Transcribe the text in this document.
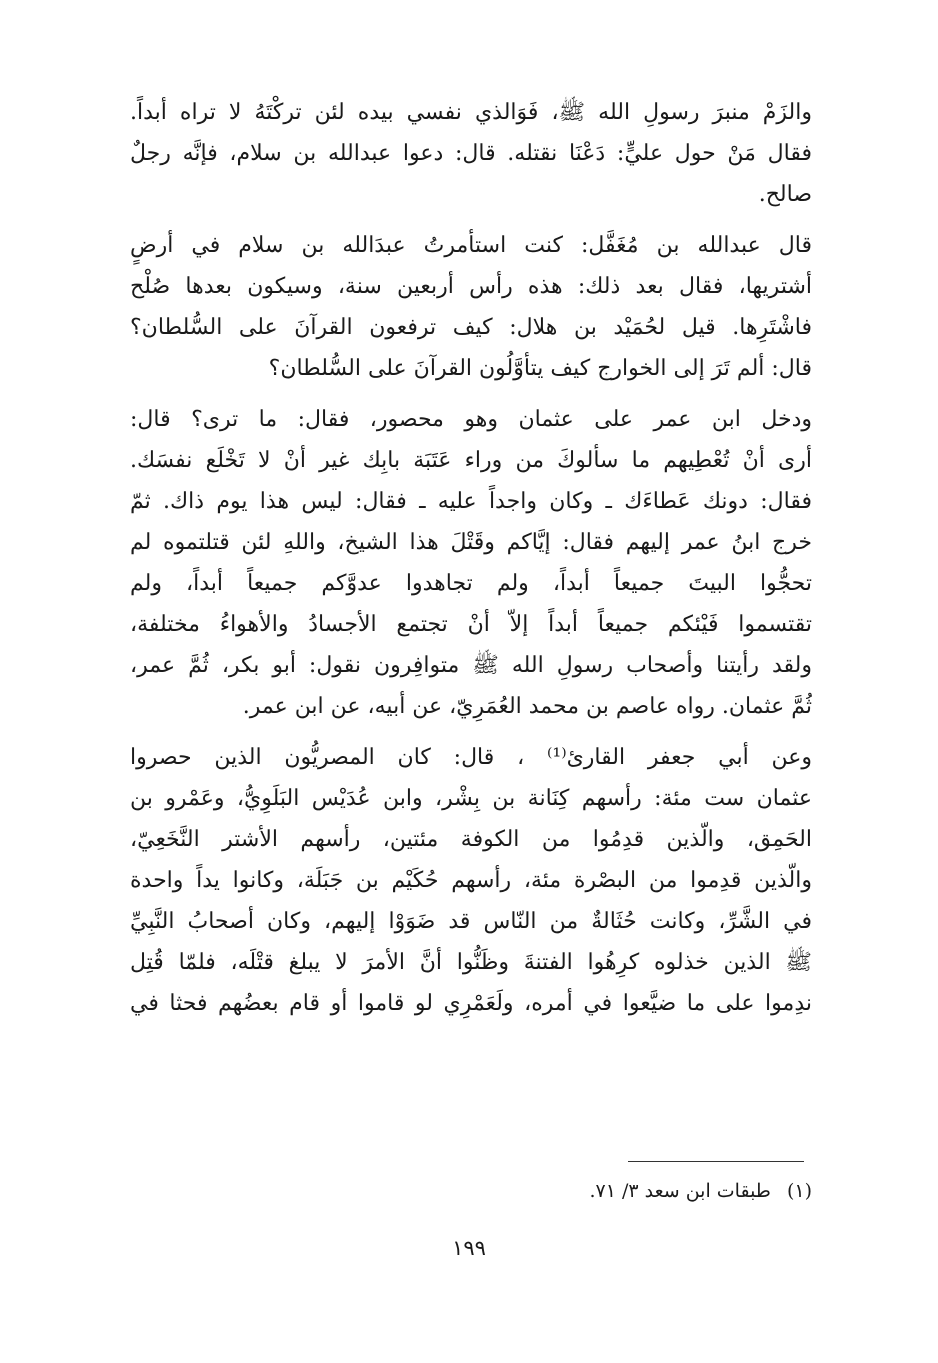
والزَمْ منبرَ رسولِ الله ﷺ، فَوَالذي نفسي بيده لئن تركْتَهُ لا تراه أبداً.
فقال مَنْ حول عليٍّ: دَعْنَا نقتله. قال: دعوا عبدالله بن سلام، فإنَّه رجلٌ
صالح.
قال عبدالله بن مُغَفَّل: كنت استأمرتُ عبدَالله بن سلام في أرضٍ
أشتريها، فقال بعد ذلك: هذه رأس أربعين سنة، وسيكون بعدها صُلْح
فاشْتَرِها. قيل لحُمَيْد بن هلال: كيف ترفعون القرآنَ على السُّلطان؟
قال: ألم تَرَ إلى الخوارج كيف يتأوَّلُون القرآنَ على السُّلطان؟
ودخل ابن عمر على عثمان وهو محصور، فقال: ما ترى؟ قال:
أرى أنْ تُعْطِيهم ما سألوكَ من وراء عَتَبَة بابِك غير أنْ لا تَخْلَع نفسَك.
فقال: دونك عَطاءَك ـ وكان واجداً عليه ـ فقال: ليس هذا يوم ذاك. ثمّ
خرج ابنُ عمر إليهم فقال: إيَّاكم وقَتْلَ هذا الشيخ، واللهِ لئن قتلتموه لم
تحجُّوا البيتَ جميعاً أبداً، ولم تجاهدوا عدوَّكم جميعاً أبداً، ولم
تقتسموا فَيْئكم جميعاً أبداً إلاّ أنْ تجتمع الأجسادُ والأهواءُ مختلفة،
ولقد رأيتنا وأصحاب رسولِ الله ﷺ متوافِرون نقول: أبو بكر، ثُمَّ عمر،
ثُمَّ عثمان. رواه عاصم بن محمد العُمَرِيّ، عن أبيه، عن ابن عمر.
وعن أبي جعفر القارئ⁽¹⁾ ، قال: كان المصريُّون الذين حصروا
عثمان ست مئة: رأسهم كِنَانة بن بِشْر، وابن عُدَيْس البَلَوِيُّ، وعَمْرو بن
الحَمِق، والّذين قدِمُوا من الكوفة مئتين، رأسهم الأشتر النَّخَعِيّ،
والّذين قدِموا من البصْرة مئة، رأسهم حُكَيْم بن جَبَلَة، وكانوا يداً واحدة
في الشَّرِّ، وكانت حُثَالةٌ من النّاس قد ضَوَوْا إليهم، وكان أصحابُ النَّبِيِّ
ﷺ الذين خذلوه كرِهُوا الفتنةَ وظَنُّوا أنَّ الأمرَ لا يبلغ قتْلَه، فلمّا قُتِل
ندِموا على ما ضيَّعوا في أمره، ولَعَمْرِي لو قاموا أو قام بعضُهم فحثا في
(١)طبقات ابن سعد ٣/ ٧١.
١٩٩
